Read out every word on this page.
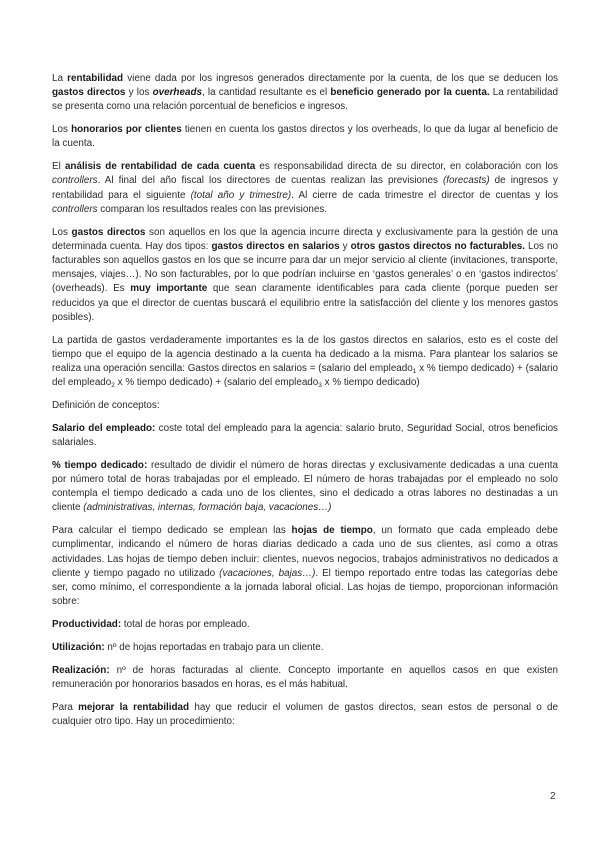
La rentabilidad viene dada por los ingresos generados directamente por la cuenta, de los que se deducen los gastos directos y los overheads, la cantidad resultante es el beneficio generado por la cuenta. La rentabilidad se presenta como una relación porcentual de beneficios e ingresos.

Los honorarios por clientes tienen en cuenta los gastos directos y los overheads, lo que da lugar al beneficio de la cuenta.

El análisis de rentabilidad de cada cuenta es responsabilidad directa de su director, en colaboración con los controllers. Al final del año fiscal los directores de cuentas realizan las previsiones (forecasts) de ingresos y rentabilidad para el siguiente (total año y trimestre). Al cierre de cada trimestre el director de cuentas y los controllers comparan los resultados reales con las previsiones.

Los gastos directos son aquellos en los que la agencia incurre directa y exclusivamente para la gestión de una determinada cuenta. Hay dos tipos: gastos directos en salarios y otros gastos directos no facturables. Los no facturables son aquellos gastos en los que se incurre para dar un mejor servicio al cliente (invitaciones, transporte, mensajes, viajes…). No son facturables, por lo que podrían incluirse en ‘gastos generales’ o en ‘gastos indirectos’ (overheads). Es muy importante que sean claramente identificables para cada cliente (porque pueden ser reducidos ya que el director de cuentas buscará el equilibrio entre la satisfacción del cliente y los menores gastos posibles).

La partida de gastos verdaderamente importantes es la de los gastos directos en salarios, esto es el coste del tiempo que el equipo de la agencia destinado a la cuenta ha dedicado a la misma. Para plantear los salarios se realiza una operación sencilla: Gastos directos en salarios = (salario del empleado$_1$ x % tiempo dedicado) + (salario del empleado$_2$ x % tiempo dedicado) + (salario del empleado$_3$ x % tiempo dedicado)

Definición de conceptos:

Salario del empleado: coste total del empleado para la agencia: salario bruto, Seguridad Social, otros beneficios salariales.

% tiempo dedicado: resultado de dividir el número de horas directas y exclusivamente dedicadas a una cuenta por número total de horas trabajadas por el empleado. El número de horas trabajadas por el empleado no solo contempla el tiempo dedicado a cada uno de los clientes, sino el dedicado a otras labores no destinadas a un cliente (administrativas, internas, formación baja, vacaciones…)

Para calcular el tiempo dedicado se emplean las hojas de tiempo, un formato que cada empleado debe cumplimentar, indicando el número de horas diarias dedicado a cada uno de sus clientes, así como a otras actividades. Las hojas de tiempo deben incluir: clientes, nuevos negocios, trabajos administrativos no dedicados a cliente y tiempo pagado no utilizado (vacaciones, bajas…). El tiempo reportado entre todas las categorías debe ser, como mínimo, el correspondiente a la jornada laboral oficial. Las hojas de tiempo, proporcionan información sobre:

Productividad: total de horas por empleado.

Utilización: nº de hojas reportadas en trabajo para un cliente.

Realización: nº de horas facturadas al cliente. Concepto importante en aquellos casos en que existen remuneración por honorarios basados en horas, es el más habitual.

Para mejorar la rentabilidad hay que reducir el volumen de gastos directos, sean estos de personal o de cualquier otro tipo. Hay un procedimiento:

2
